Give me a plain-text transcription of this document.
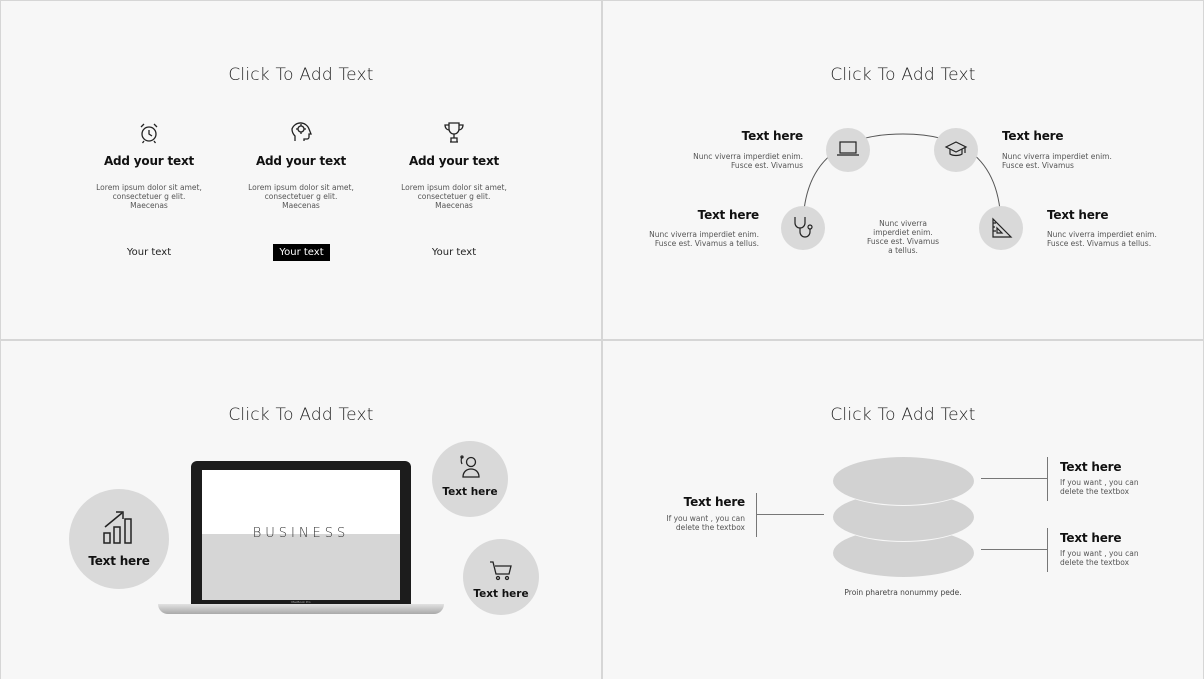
Click To Add Text
Add your text
Lorem ipsum dolor sit amet, consectetuer g elit. Maecenas
Your text
Add your text
Lorem ipsum dolor sit amet, consectetuer g elit. Maecenas
Your text
Add your text
Lorem ipsum dolor sit amet, consectetuer g elit. Maecenas
Your text
Click To Add Text
Text here
Nunc viverra imperdiet enim. Fusce est. Vivamus
Text here
Nunc viverra imperdiet enim. Fusce est. Vivamus
Text here
Nunc viverra imperdiet enim. Fusce est. Vivamus a tellus.
Text here
Nunc viverra imperdiet enim. Fusce est. Vivamus a tellus.
Nunc viverra imperdiet enim. Fusce est. Vivamus a tellus.
Click To Add Text
BUSINESS
MacBook Pro
Text here
Text here
Text here
Click To Add Text
Text here
If you want , you can delete the textbox
Text here
If you want , you can delete the textbox
Text here
If you want , you can delete the textbox
Proin pharetra nonummy pede.
